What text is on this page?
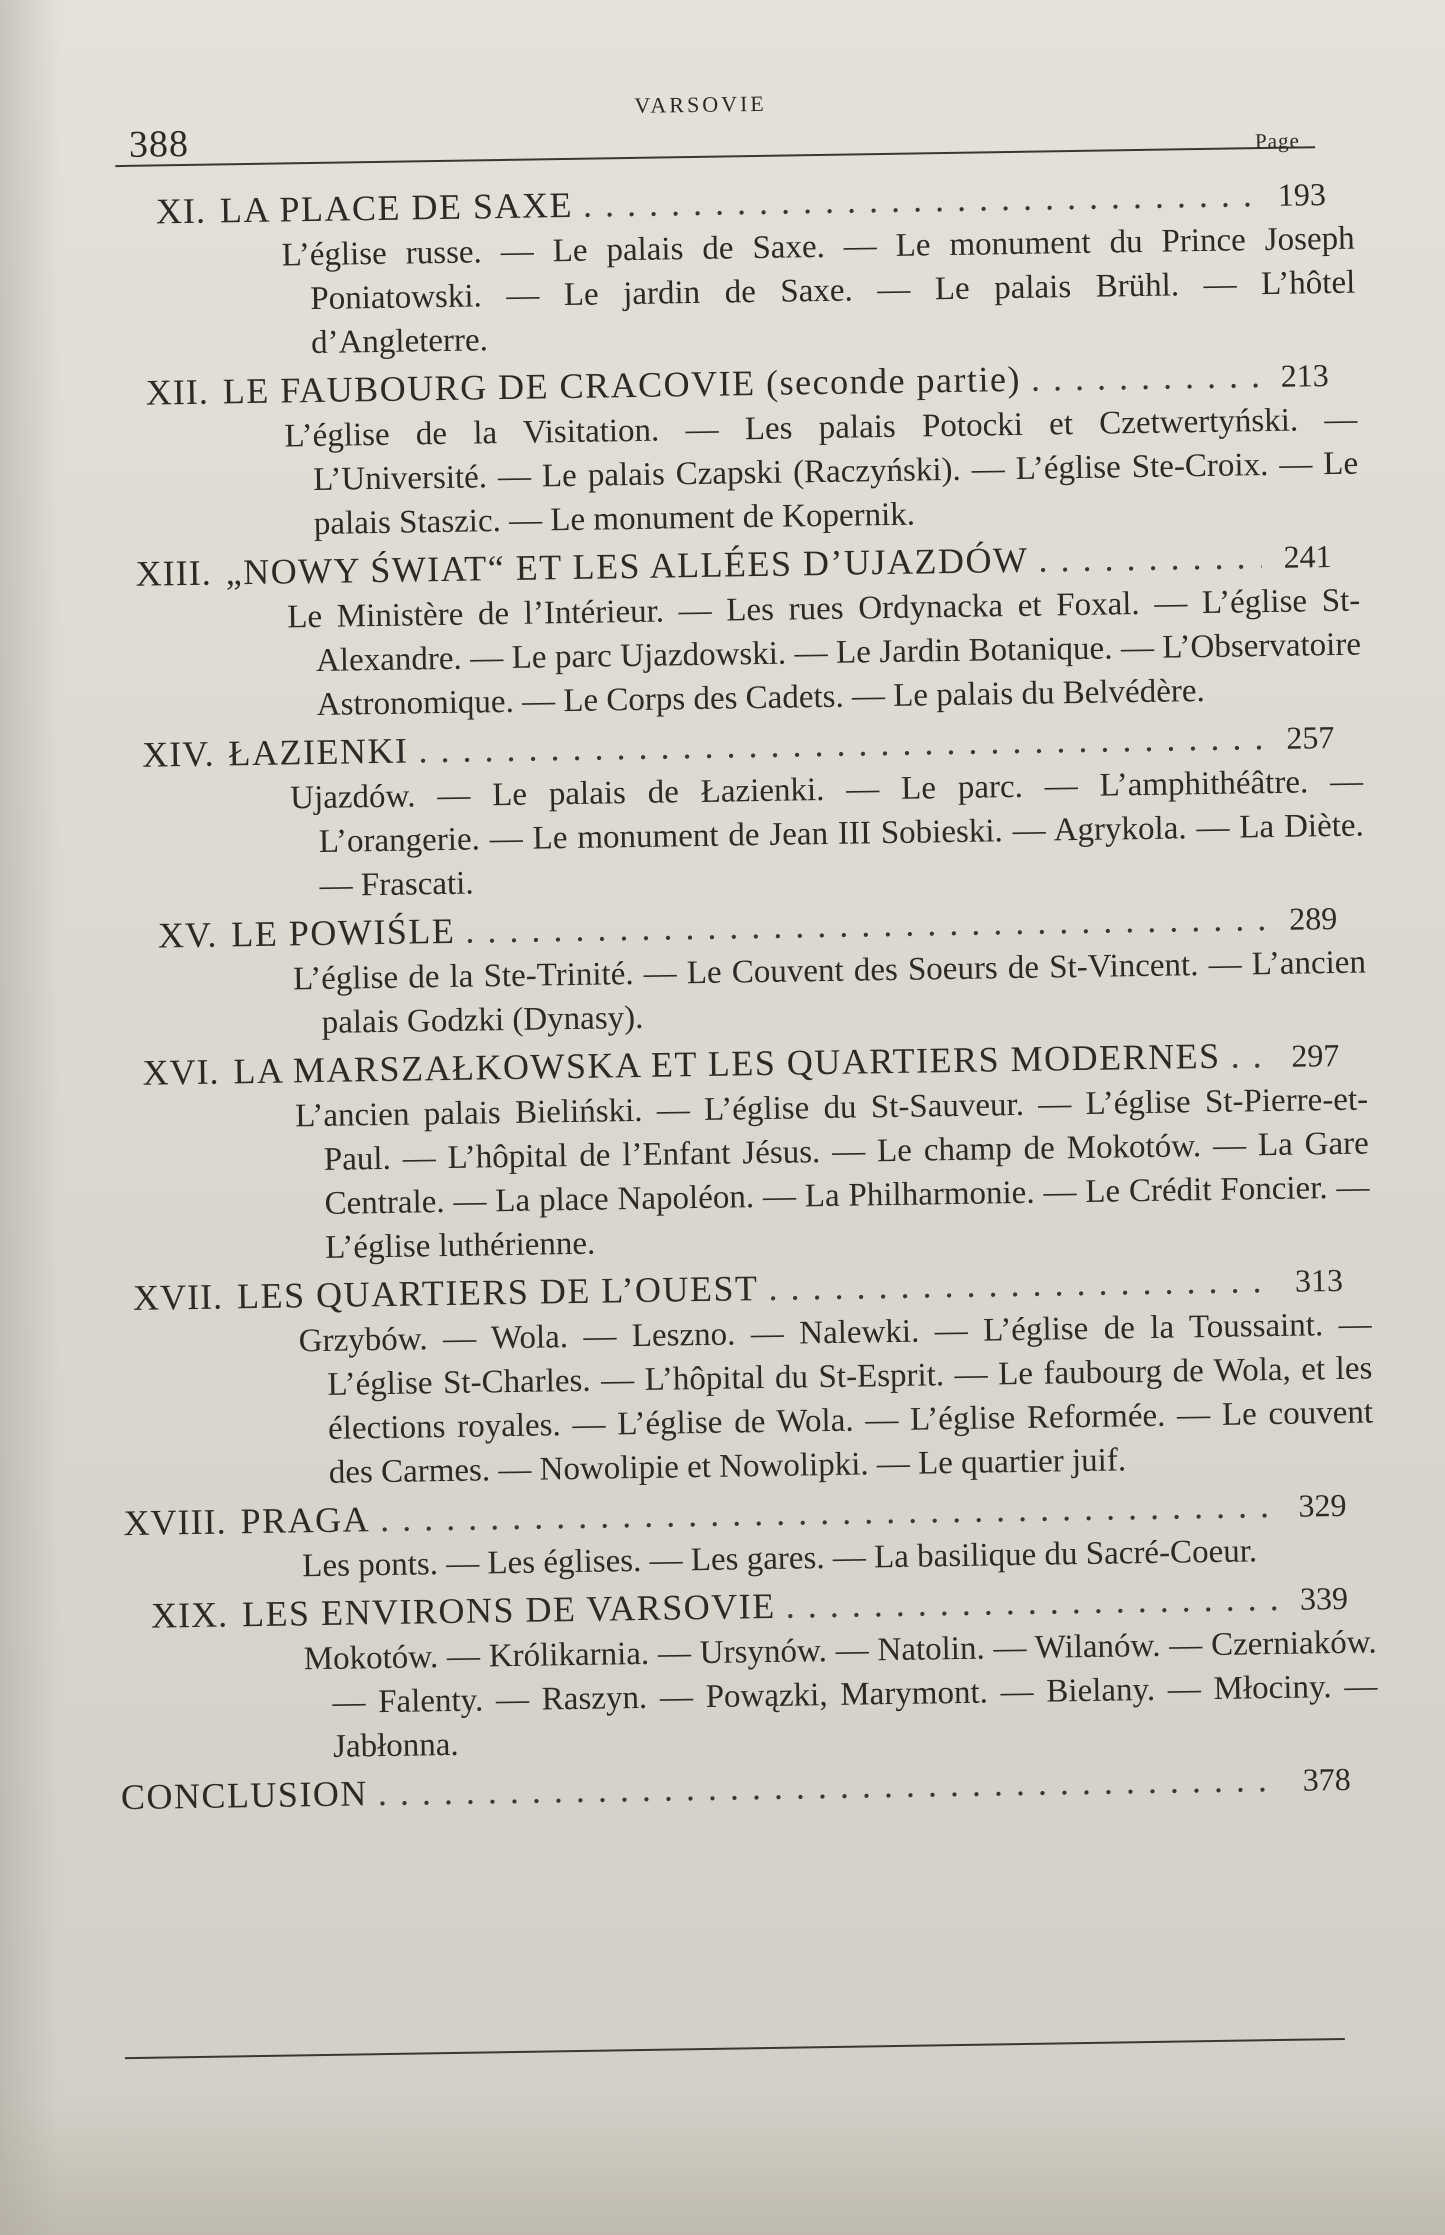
388
VARSOVIE
Page
XI. LA PLACE DE SAXE . . .	193
L’église russe. — Le palais de Saxe. — Le monument du Prince Joseph Poniatowski. — Le jardin de Saxe. — Le palais Brühl. — L’hôtel d’Angleterre.
XII. LE FAUBOURG DE CRACOVIE (seconde partie) . . .	213
L’église de la Visitation. — Les palais Potocki et Czetwertyński. — L’Université. — Le palais Czapski (Raczyński). — L’église Ste-Croix. — Le palais Staszic. — Le monument de Kopernik.
XIII. „NOWY ŚWIAT“ ET LES ALLÉES D’UJAZDÓW . . .	241
Le Ministère de l’Intérieur. — Les rues Ordynacka et Foxal. — L’église St-Alexandre. — Le parc Ujazdowski. — Le Jardin Botanique. — L’Observatoire Astronomique. — Le Corps des Cadets. — Le palais du Belvédère.
XIV. ŁAZIENKI . . .	257
Ujazdów. — Le palais de Łazienki. — Le parc. — L’amphithéâtre. — L’orangerie. — Le monument de Jean III Sobieski. — Agrykola. — La Diète. — Frascati.
XV. LE POWIŚLE . . .	289
L’église de la Ste-Trinité. — Le Couvent des Soeurs de St-Vincent. — L’ancien palais Godzki (Dynasy).
XVI. LA MARSZAŁKOWSKA ET LES QUARTIERS MODERNES . . .	297
L’ancien palais Bieliński. — L’église du St-Sauveur. — L’église St-Pierre-et-Paul. — L’hôpital de l’Enfant Jésus. — Le champ de Mokotów. — La Gare Centrale. — La place Napoléon. — La Philharmonie. — Le Crédit Foncier. — L’église luthérienne.
XVII. LES QUARTIERS DE L’OUEST . . .	313
Grzybów. — Wola. — Leszno. — Nalewki. — L’église de la Toussaint. — L’église St-Charles. — L’hôpital du St-Esprit. — Le faubourg de Wola, et les élections royales. — L’église de Wola. — L’église Reformée. — Le couvent des Carmes. — Nowolipie et Nowolipki. — Le quartier juif.
XVIII. PRAGA . . .	329
Les ponts. — Les églises. — Les gares. — La basilique du Sacré-Coeur.
XIX. LES ENVIRONS DE VARSOVIE . . .	339
Mokotów. — Królikarnia. — Ursynów. — Natolin. — Wilanów. — Czerniaków. — Falenty. — Raszyn. — Powązki, Marymont. — Bielany. — Młociny. — Jabłonna.
CONCLUSION . . .	378
